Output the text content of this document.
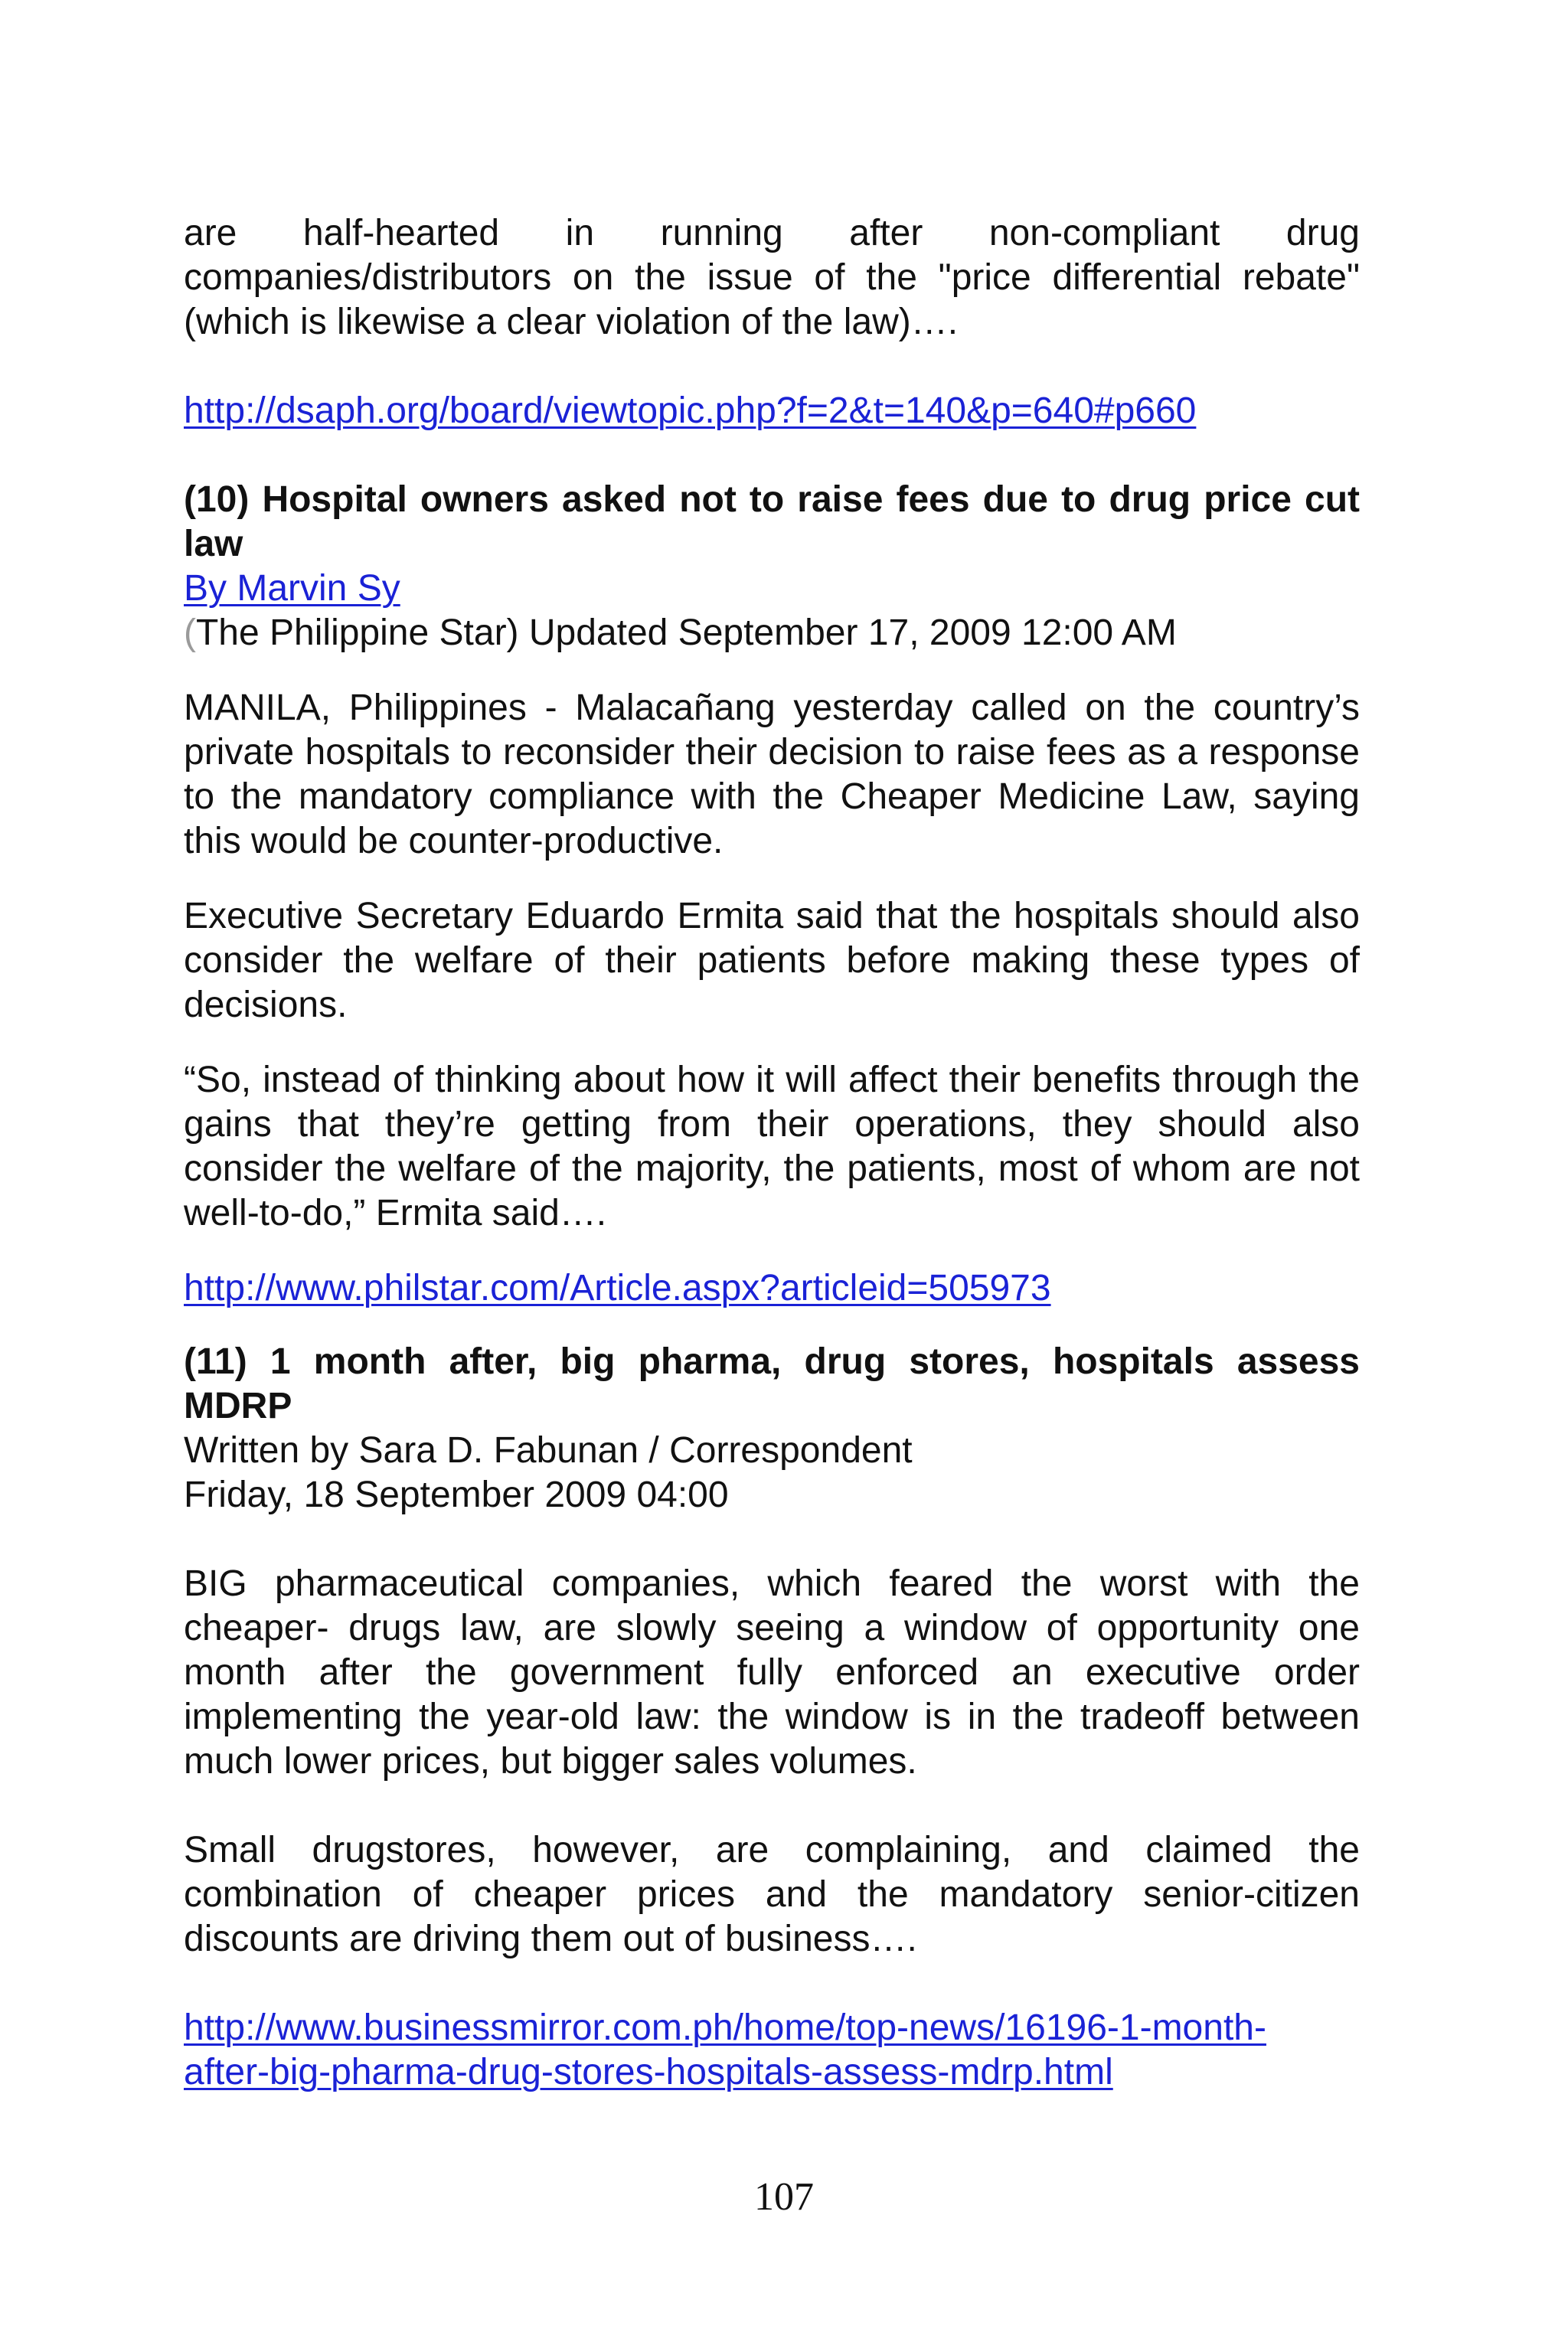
are half-hearted in running after non-compliant drug companies/distributors on the issue of the "price differential rebate" (which is likewise a clear violation of the law)….

http://dsaph.org/board/viewtopic.php?f=2&t=140&p=640#p660

(10) Hospital owners asked not to raise fees due to drug price cut law

By Marvin Sy

(The Philippine Star) Updated September 17, 2009 12:00 AM

MANILA, Philippines - Malacañang yesterday called on the country’s private hospitals to reconsider their decision to raise fees as a response to the mandatory compliance with the Cheaper Medicine Law, saying this would be counter-productive.

Executive Secretary Eduardo Ermita said that the hospitals should also consider the welfare of their patients before making these types of decisions.

“So, instead of thinking about how it will affect their benefits through the gains that they’re getting from their operations, they should also consider the welfare of the majority, the patients, most of whom are not well-to-do,” Ermita said….

http://www.philstar.com/Article.aspx?articleid=505973

(11) 1 month after, big pharma, drug stores, hospitals assess MDRP

Written by Sara D. Fabunan / Correspondent

Friday, 18 September 2009 04:00

BIG pharmaceutical companies, which feared the worst with the cheaper- drugs law, are slowly seeing a window of opportunity one month after the government fully enforced an executive order implementing the year-old law: the window is in the tradeoff between much lower prices, but bigger sales volumes.

Small drugstores, however, are complaining, and claimed the combination of cheaper prices and the mandatory senior-citizen discounts are driving them out of business….

http://www.businessmirror.com.ph/home/top-news/16196-1-month-
after-big-pharma-drug-stores-hospitals-assess-mdrp.html

107
